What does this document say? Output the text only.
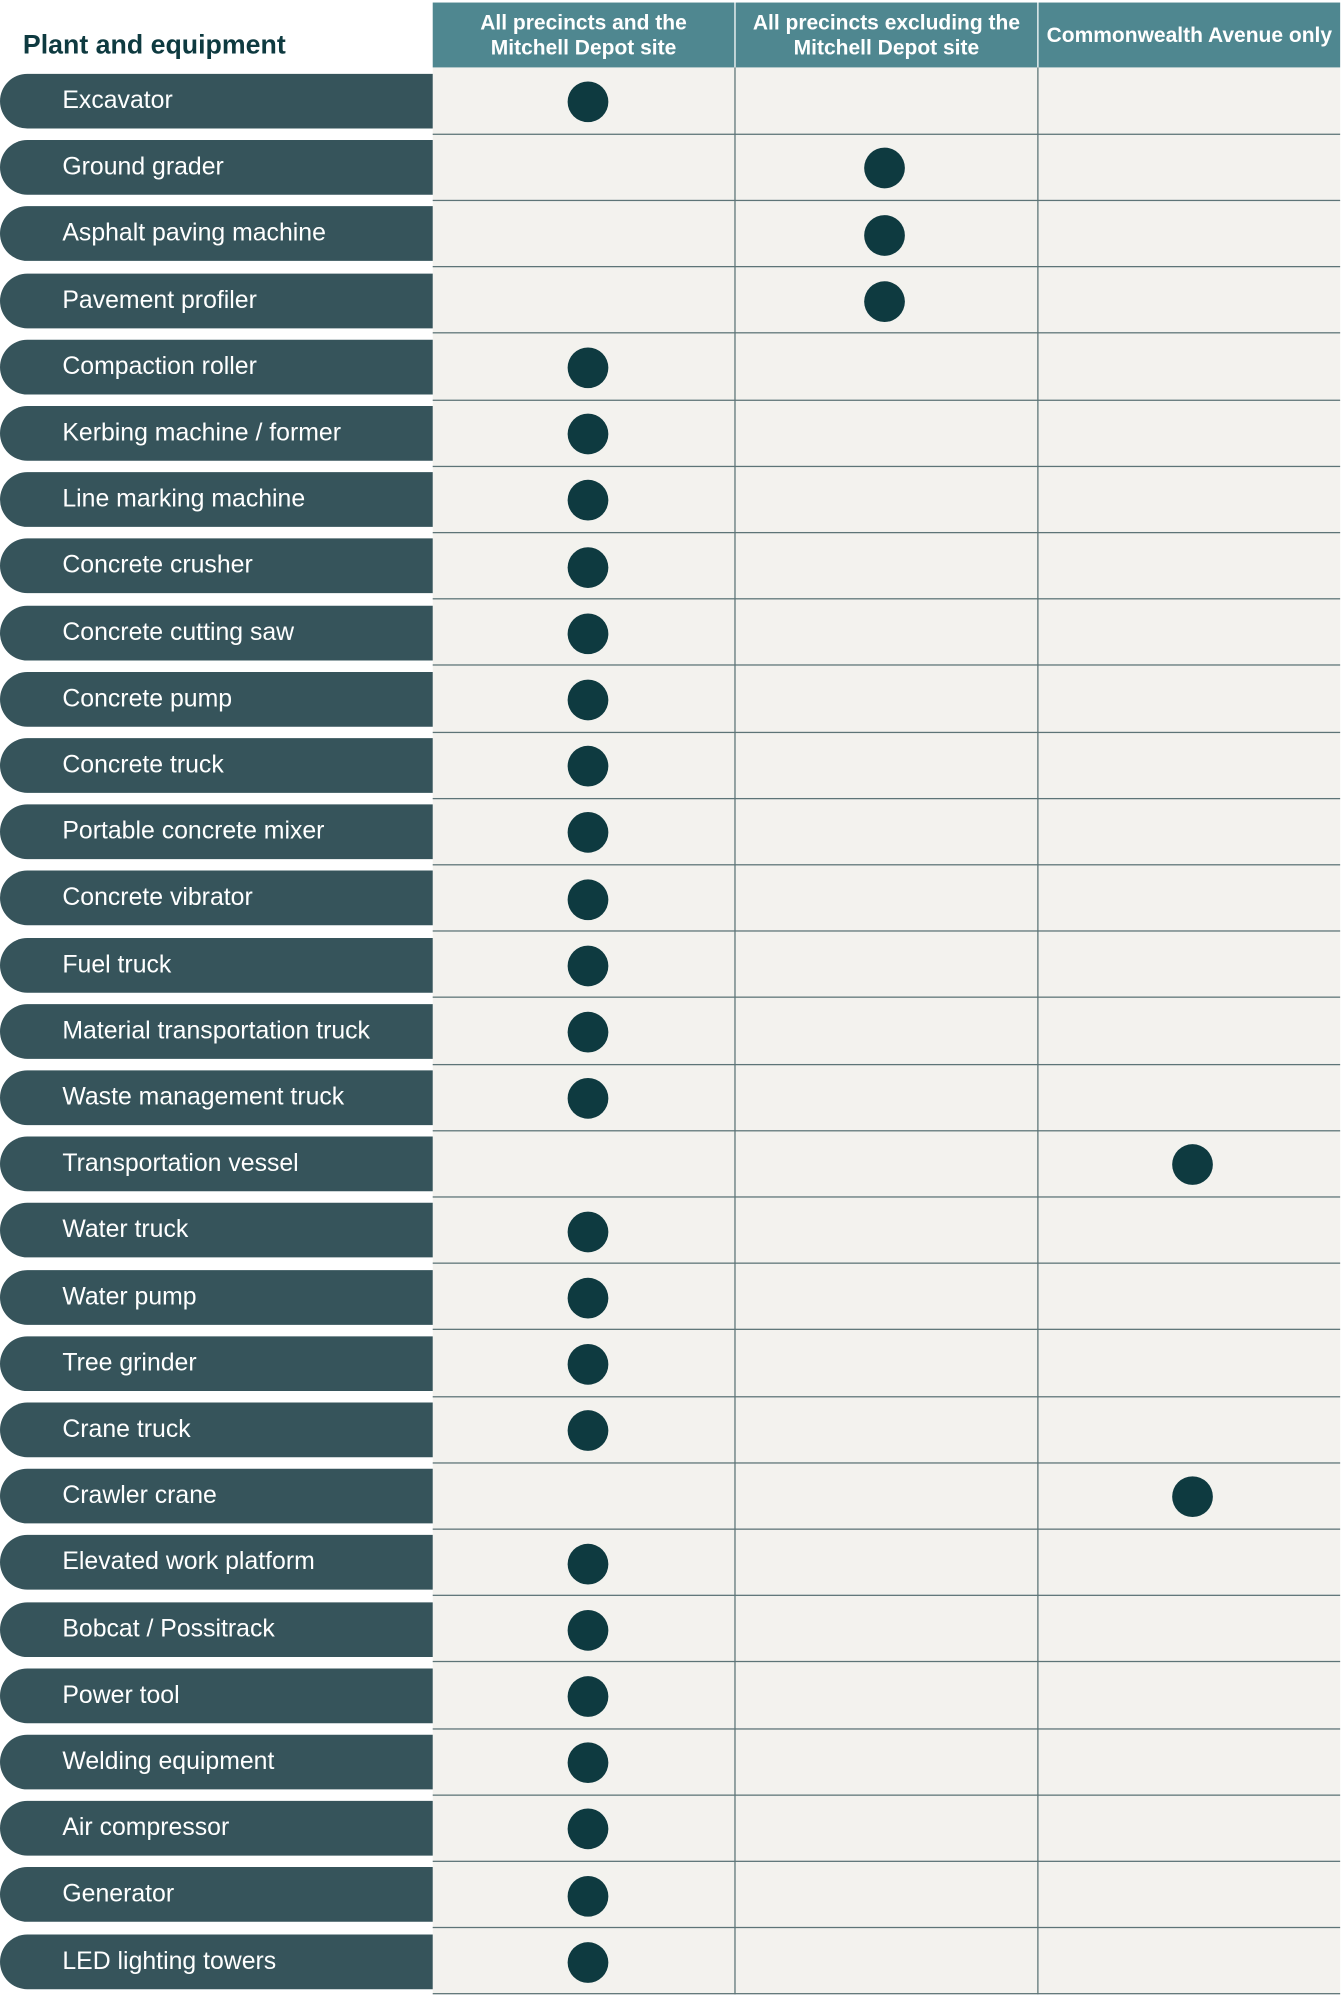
Plant and equipment
All precincts and the Mitchell Depot site
All precincts excluding the Mitchell Depot site
Commonwealth Avenue only
Excavator
Ground grader
Asphalt paving machine
Pavement profiler
Compaction roller
Kerbing machine / former
Line marking machine
Concrete crusher
Concrete cutting saw
Concrete pump
Concrete truck
Portable concrete mixer
Concrete vibrator
Fuel truck
Material transportation truck
Waste management truck
Transportation vessel
Water truck
Water pump
Tree grinder
Crane truck
Crawler crane
Elevated work platform
Bobcat / Possitrack
Power tool
Welding equipment
Air compressor
Generator
LED lighting towers
